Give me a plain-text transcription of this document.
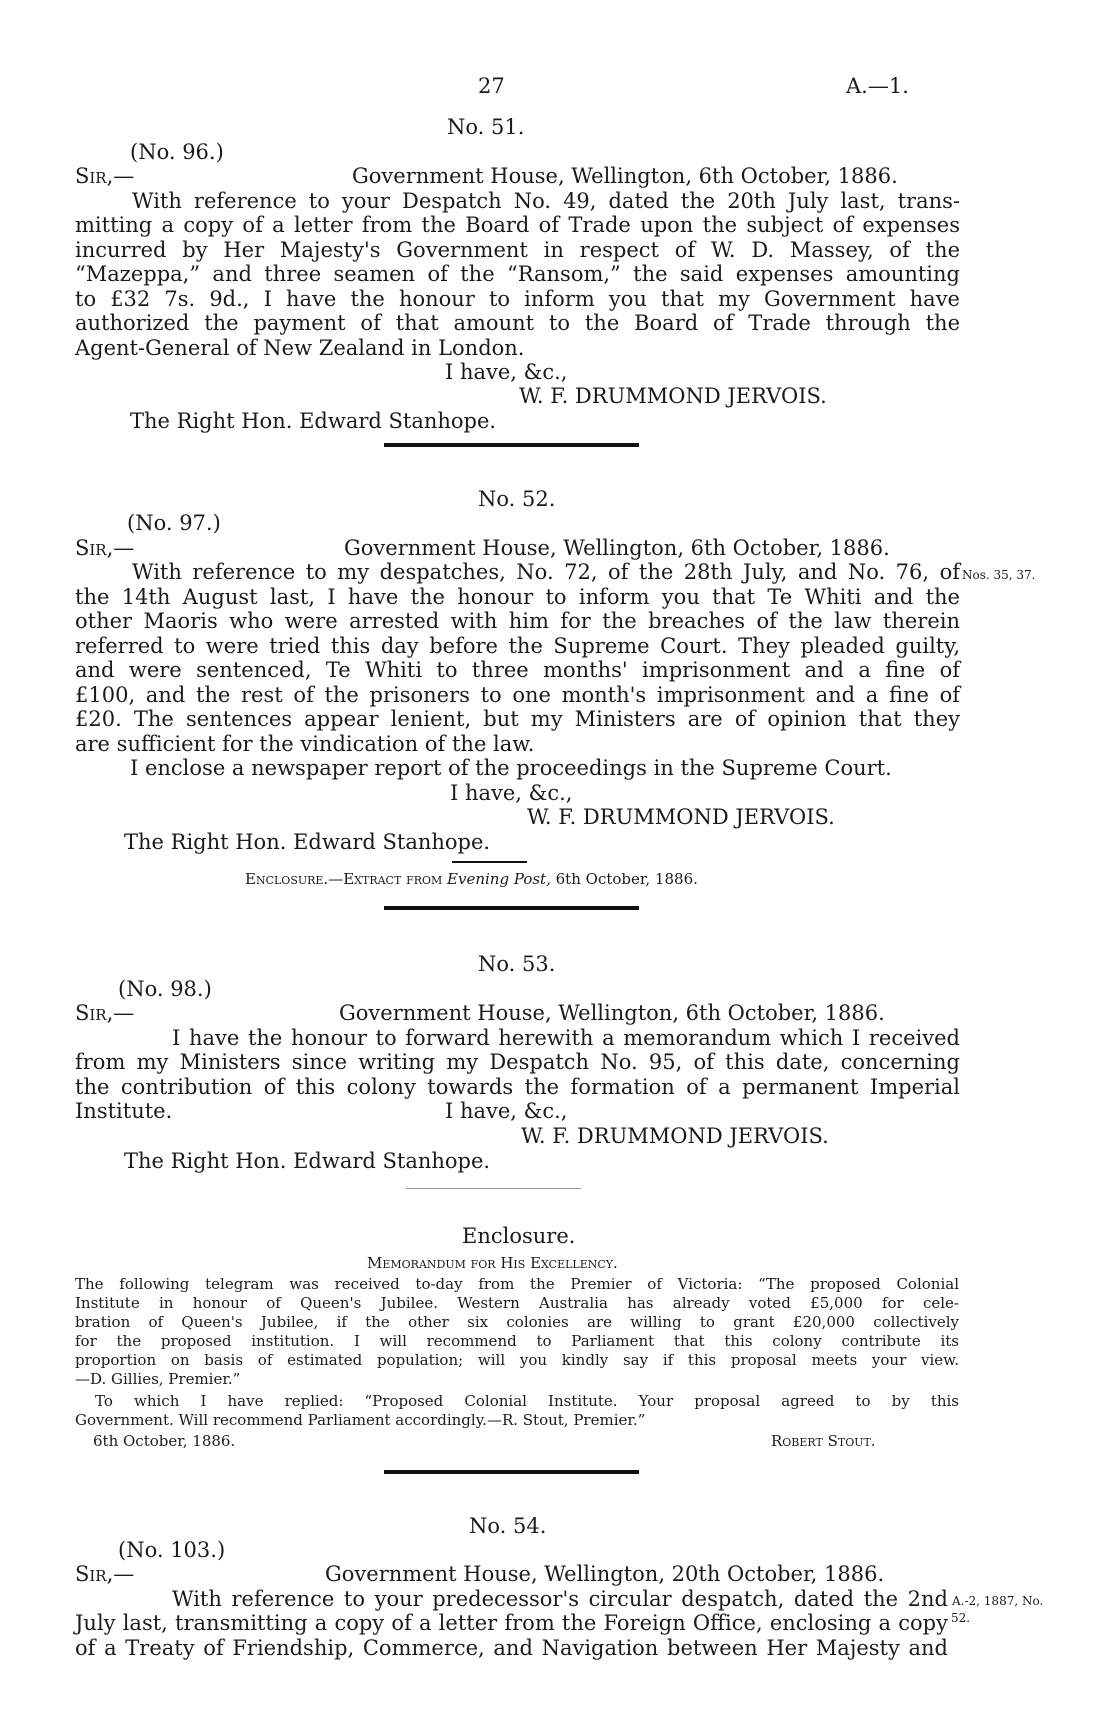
27	A.—1.
No. 51.
(No. 96.)
Sir,—	Government House, Wellington, 6th October, 1886.
With reference to your Despatch No. 49, dated the 20th July last, trans-
mitting a copy of a letter from the Board of Trade upon the subject of expenses
incurred by Her Majesty's Government in respect of W. D. Massey, of the
“Mazeppa,” and three seamen of the “Ransom,” the said expenses amounting
to £32 7s. 9d., I have the honour to inform you that my Government have
authorized the payment of that amount to the Board of Trade through the
Agent-General of New Zealand in London.
I have, &c.,
W. F. DRUMMOND JERVOIS.
The Right Hon. Edward Stanhope.
No. 52.
(No. 97.)
Sir,—	Government House, Wellington, 6th October, 1886.
With reference to my despatches, No. 72, of the 28th July, and No. 76, of Nos. 35, 37.
the 14th August last, I have the honour to inform you that Te Whiti and the
other Maoris who were arrested with him for the breaches of the law therein
referred to were tried this day before the Supreme Court. They pleaded guilty,
and were sentenced, Te Whiti to three months' imprisonment and a fine of
£100, and the rest of the prisoners to one month's imprisonment and a fine of
£20. The sentences appear lenient, but my Ministers are of opinion that they
are sufficient for the vindication of the law.
I enclose a newspaper report of the proceedings in the Supreme Court.
I have, &c.,
W. F. DRUMMOND JERVOIS.
The Right Hon. Edward Stanhope.
Enclosure.—Extract from Evening Post, 6th October, 1886.
No. 53.
(No. 98.)
Sir,—	Government House, Wellington, 6th October, 1886.
I have the honour to forward herewith a memorandum which I received
from my Ministers since writing my Despatch No. 95, of this date, concerning
the contribution of this colony towards the formation of a permanent Imperial
Institute.	I have, &c.,
W. F. DRUMMOND JERVOIS.
The Right Hon. Edward Stanhope.
Enclosure.
Memorandum for His Excellency.
The following telegram was received to-day from the Premier of Victoria: “The proposed Colonial
Institute in honour of Queen's Jubilee. Western Australia has already voted £5,000 for cele-
bration of Queen's Jubilee, if the other six colonies are willing to grant £20,000 collectively
for the proposed institution. I will recommend to Parliament that this colony contribute its
proportion on basis of estimated population; will you kindly say if this proposal meets your view.
—D. Gillies, Premier.”
To which I have replied: “Proposed Colonial Institute. Your proposal agreed to by this
Government. Will recommend Parliament accordingly.—R. Stout, Premier.”
6th October, 1886.	Robert Stout.
No. 54.
(No. 103.)
Sir,—	Government House, Wellington, 20th October, 1886.
With reference to your predecessor's circular despatch, dated the 2nd A.-2, 1887, No.
July last, transmitting a copy of a letter from the Foreign Office, enclosing a copy 52.
of a Treaty of Friendship, Commerce, and Navigation between Her Majesty and
